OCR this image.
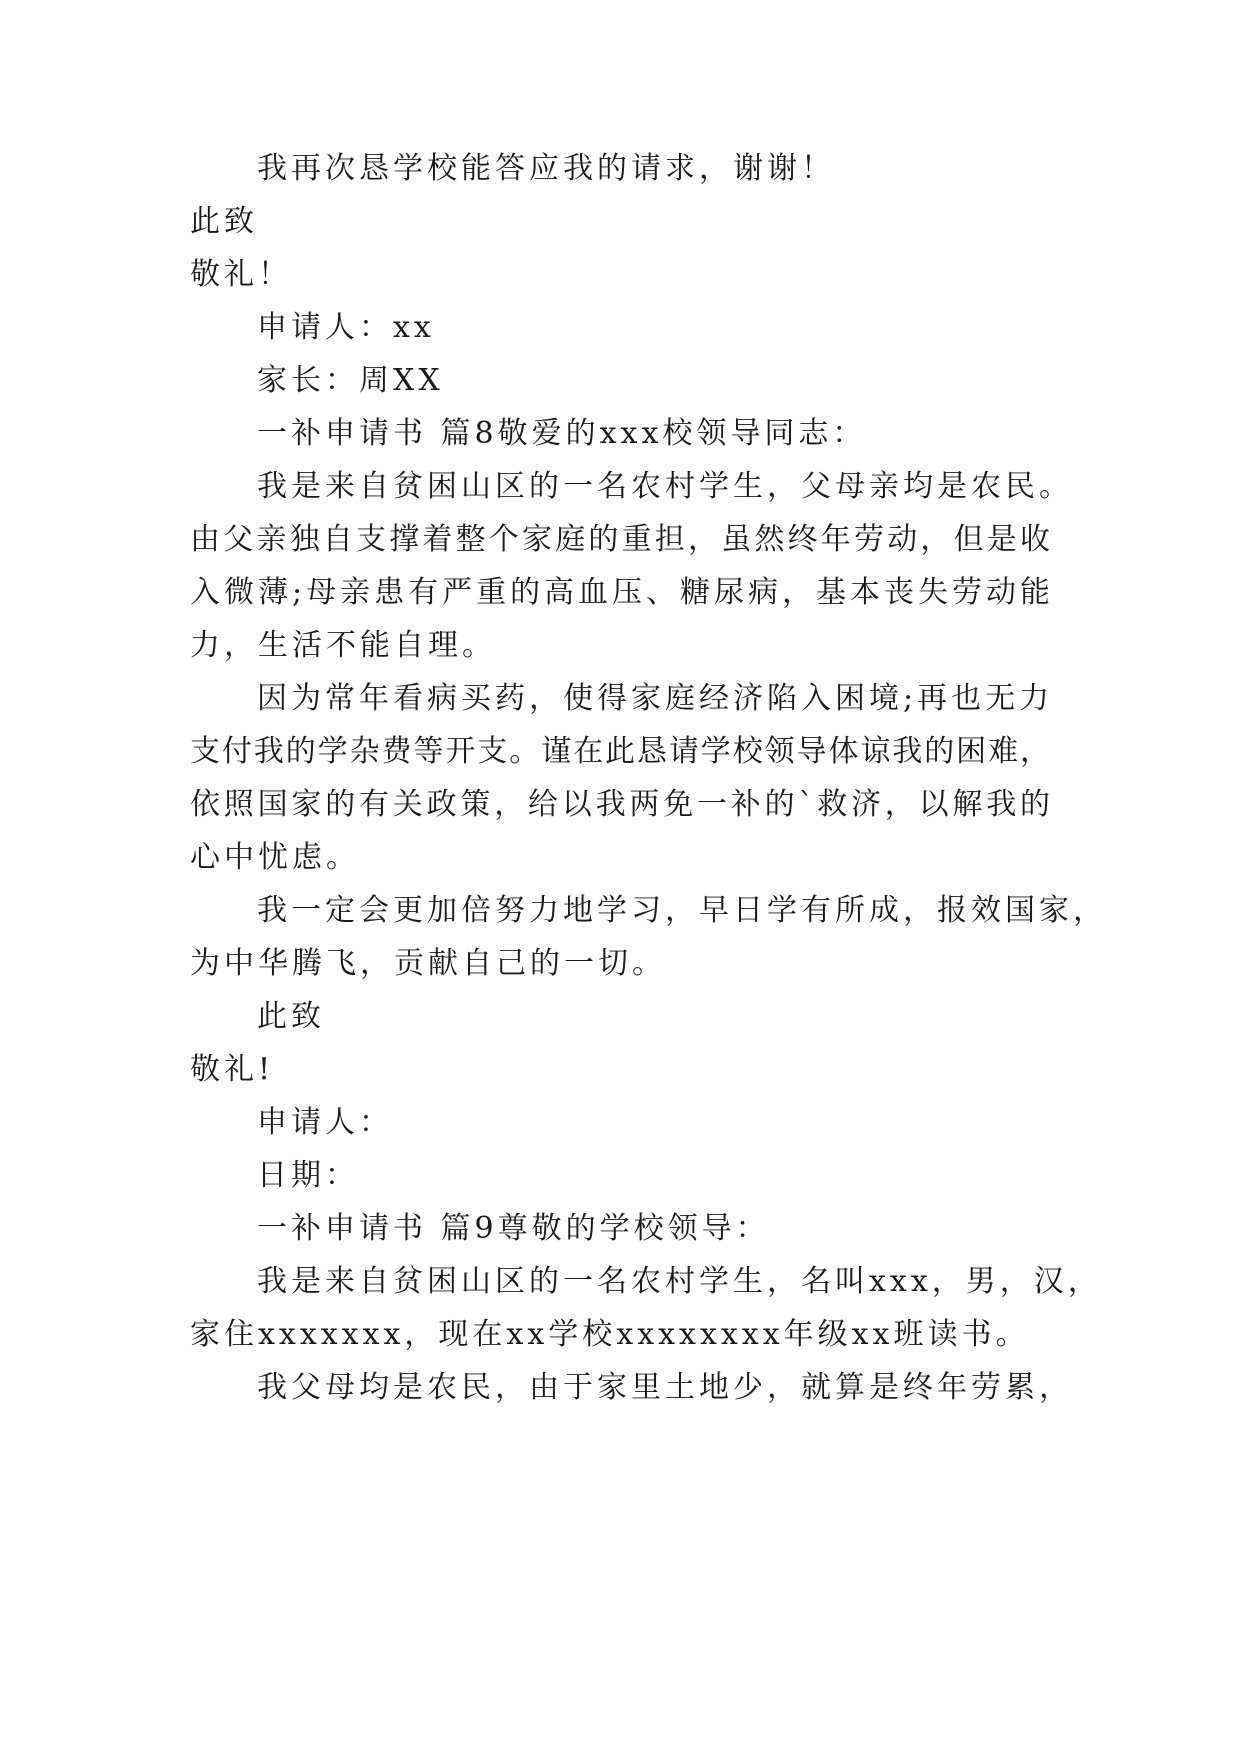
我再次恳学校能答应我的请求，谢谢！
此致
敬礼！
申请人：xx
家长：周XX
一补申请书 篇8敬爱的xxx校领导同志：
我是来自贫困山区的一名农村学生，父母亲均是农民。
由父亲独自支撑着整个家庭的重担，虽然终年劳动，但是收
入微薄;母亲患有严重的高血压、糖尿病，基本丧失劳动能
力，生活不能自理。
因为常年看病买药，使得家庭经济陷入困境;再也无力
支付我的学杂费等开支。谨在此恳请学校领导体谅我的困难，
依照国家的有关政策，给以我两免一补的`救济，以解我的
心中忧虑。
我一定会更加倍努力地学习，早日学有所成，报效国家，
为中华腾飞，贡献自己的一切。
此致
敬礼!
申请人：
日期：
一补申请书 篇9尊敬的学校领导：
我是来自贫困山区的一名农村学生，名叫xxx，男，汉，
家住xxxxxxx，现在xx学校xxxxxxxx年级xx班读书。
我父母均是农民，由于家里土地少，就算是终年劳累，
